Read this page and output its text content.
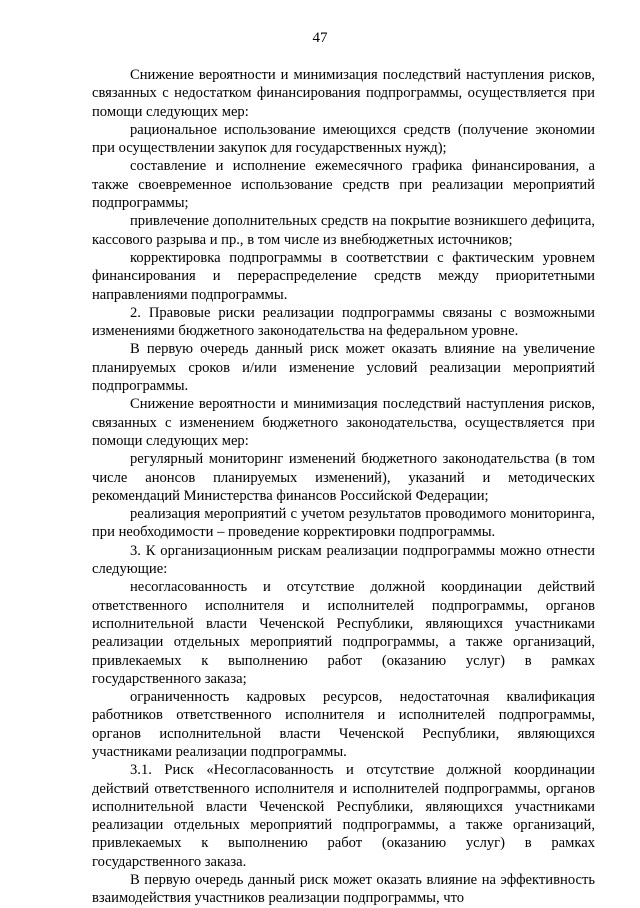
47

Снижение вероятности и минимизация последствий наступления рисков, связанных с недостатком финансирования подпрограммы, осуществляется при помощи следующих мер:

рациональное использование имеющихся средств (получение экономии при осуществлении закупок для государственных нужд);

составление и исполнение ежемесячного графика финансирования, а также своевременное использование средств при реализации мероприятий подпрограммы;

привлечение дополнительных средств на покрытие возникшего дефицита, кассового разрыва и пр., в том числе из внебюджетных источников;

корректировка подпрограммы в соответствии с фактическим уровнем финансирования и перераспределение средств между приоритетными направлениями подпрограммы.

2. Правовые риски реализации подпрограммы связаны с возможными изменениями бюджетного законодательства на федеральном уровне.

В первую очередь данный риск может оказать влияние на увеличение планируемых сроков и/или изменение условий реализации мероприятий подпрограммы.

Снижение вероятности и минимизация последствий наступления рисков, связанных с изменением бюджетного законодательства, осуществляется при помощи следующих мер:

регулярный мониторинг изменений бюджетного законодательства (в том числе анонсов планируемых изменений), указаний и методических рекомендаций Министерства финансов Российской Федерации;

реализация мероприятий с учетом результатов проводимого мониторинга, при необходимости – проведение корректировки подпрограммы.

3. К организационным рискам реализации подпрограммы можно отнести следующие:

несогласованность и отсутствие должной координации действий ответственного исполнителя и исполнителей подпрограммы, органов исполнительной власти Чеченской Республики, являющихся участниками реализации отдельных мероприятий подпрограммы, а также организаций, привлекаемых к выполнению работ (оказанию услуг) в рамках государственного заказа;

ограниченность кадровых ресурсов, недостаточная квалификация работников ответственного исполнителя и исполнителей подпрограммы, органов исполнительной власти Чеченской Республики, являющихся участниками реализации подпрограммы.

3.1. Риск «Несогласованность и отсутствие должной координации действий ответственного исполнителя и исполнителей подпрограммы, органов исполнительной власти Чеченской Республики, являющихся участниками реализации отдельных мероприятий подпрограммы, а также организаций, привлекаемых к выполнению работ (оказанию услуг) в рамках государственного заказа.

В первую очередь данный риск может оказать влияние на эффективность взаимодействия участников реализации подпрограммы, что
